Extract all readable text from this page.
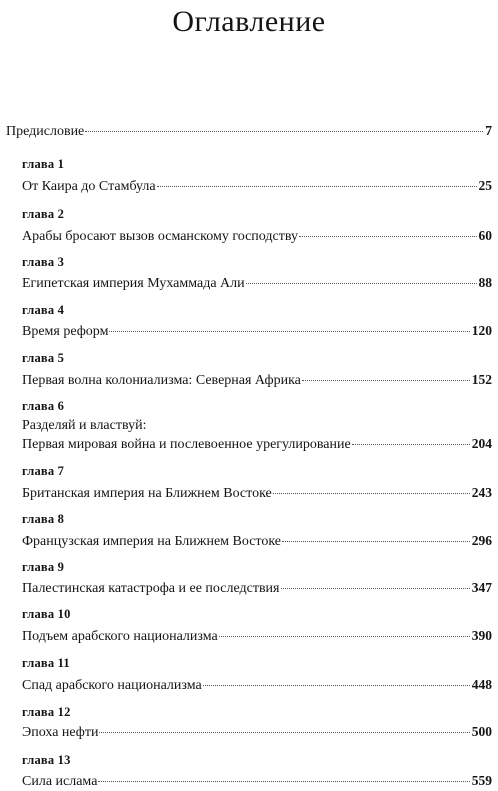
Оглавление
Предисловие	7
глава 1
От Каира до Стамбула	25
глава 2
Арабы бросают вызов османскому господству	60
глава 3
Египетская империя Мухаммада Али	88
глава 4
Время реформ	120
глава 5
Первая волна колониализма: Северная Африка	152
глава 6
Разделяй и властвуй:
Первая мировая война и послевоенное урегулирование	204
глава 7
Британская империя на Ближнем Востоке	243
глава 8
Французская империя на Ближнем Востоке	296
глава 9
Палестинская катастрофа и ее последствия	347
глава 10
Подъем арабского национализма	390
глава 11
Спад арабского национализма	448
глава 12
Эпоха нефти	500
глава 13
Сила ислама	559
